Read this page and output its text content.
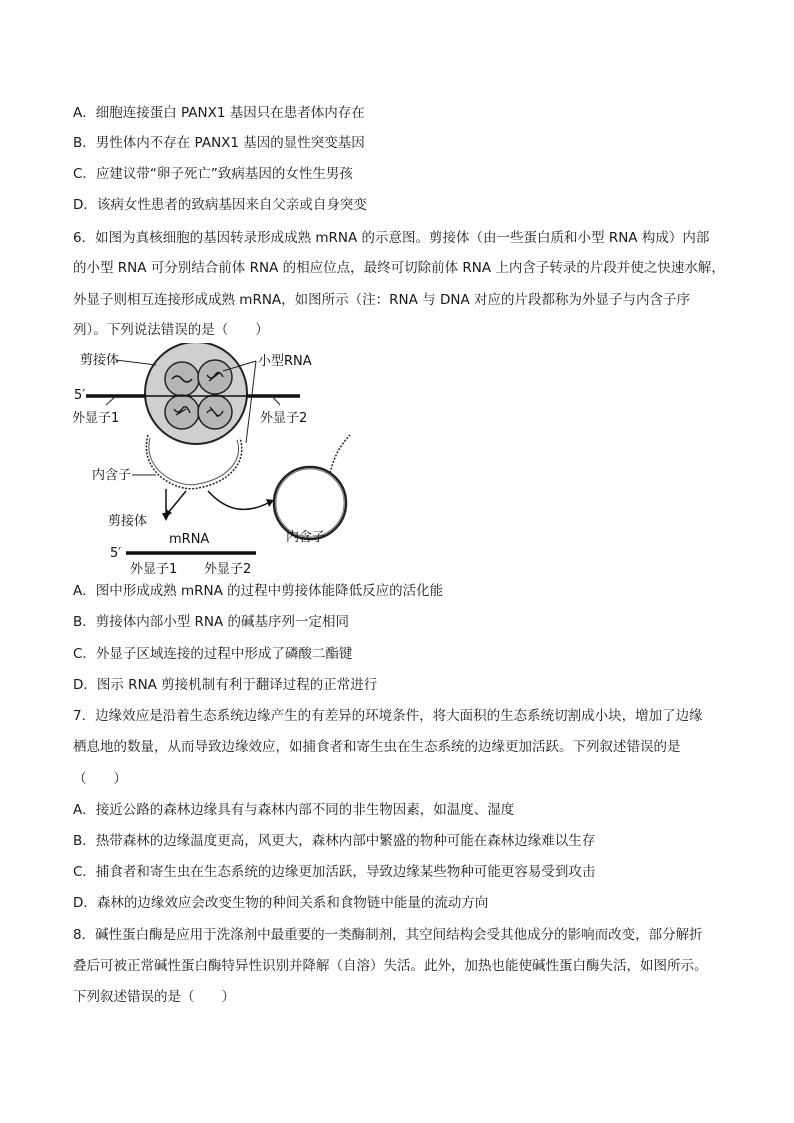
A．细胞连接蛋白 PANX1 基因只在患者体内存在
B．男性体内不存在 PANX1 基因的显性突变基因
C．应建议带“卵子死亡”致病基因的女性生男孩
D．该病女性患者的致病基因来自父亲或自身突变
6．如图为真核细胞的基因转录形成成熟 mRNA 的示意图。剪接体（由一些蛋白质和小型 RNA 构成）内部
的小型 RNA 可分别结合前体 RNA 的相应位点，最终可切除前体 RNA 上内含子转录的片段并使之快速水解，
外显子则相互连接形成成熟 mRNA，如图所示（注：RNA 与 DNA 对应的片段都称为外显子与内含子序
列）。下列说法错误的是（　　）
剪接体	小型RNA
5′
外显子1	外显子2
内含子
剪接体
mRNA	内含子
5′
外显子1 外显子2
A．图中形成成熟 mRNA 的过程中剪接体能降低反应的活化能
B．剪接体内部小型 RNA 的碱基序列一定相同
C．外显子区域连接的过程中形成了磷酸二酯键
D．图示 RNA 剪接机制有利于翻译过程的正常进行
7．边缘效应是沿着生态系统边缘产生的有差异的环境条件，将大面积的生态系统切割成小块，增加了边缘
栖息地的数量，从而导致边缘效应，如捕食者和寄生虫在生态系统的边缘更加活跃。下列叙述错误的是
（　　）
A．接近公路的森林边缘具有与森林内部不同的非生物因素，如温度、湿度
B．热带森林的边缘温度更高，风更大，森林内部中繁盛的物种可能在森林边缘难以生存
C．捕食者和寄生虫在生态系统的边缘更加活跃，导致边缘某些物种可能更容易受到攻击
D．森林的边缘效应会改变生物的种间关系和食物链中能量的流动方向
8．碱性蛋白酶是应用于洗涤剂中最重要的一类酶制剂，其空间结构会受其他成分的影响而改变，部分解折
叠后可被正常碱性蛋白酶特异性识别并降解（自溶）失活。此外，加热也能使碱性蛋白酶失活，如图所示。
下列叙述错误的是（　　）
